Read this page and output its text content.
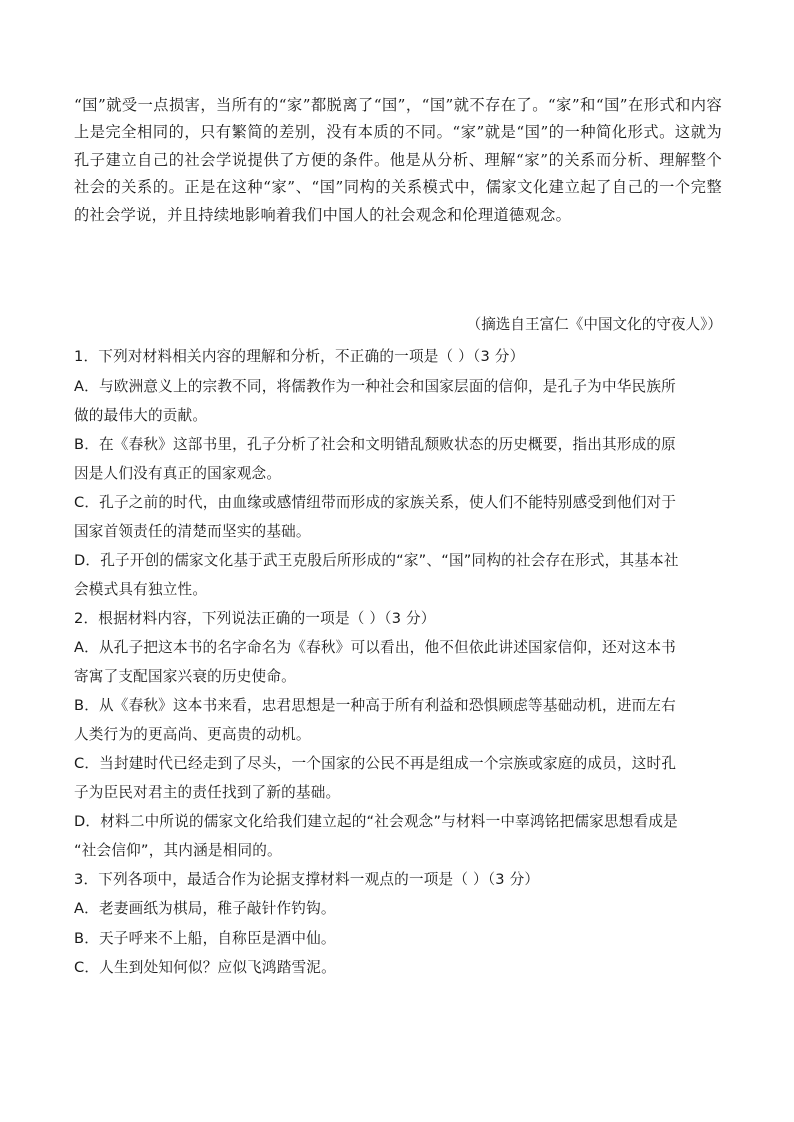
“国”就受一点损害，当所有的“家”都脱离了“国”，“国”就不存在了。“家”和“国”在形式和内容上是完全相同的，只有繁简的差别，没有本质的不同。“家”就是“国”的一种简化形式。这就为孔子建立自己的社会学说提供了方便的条件。他是从分析、理解“家”的关系而分析、理解整个社会的关系的。正是在这种“家”、“国”同构的关系模式中，儒家文化建立起了自己的一个完整的社会学说，并且持续地影响着我们中国人的社会观念和伦理道德观念。
（摘选自王富仁《中国文化的守夜人》）
1．下列对材料相关内容的理解和分析，不正确的一项是（ ）（3 分）
A．与欧洲意义上的宗教不同，将儒教作为一种社会和国家层面的信仰，是孔子为中华民族所
做的最伟大的贡献。
B．在《春秋》这部书里，孔子分析了社会和文明错乱颓败状态的历史概要，指出其形成的原
因是人们没有真正的国家观念。
C．孔子之前的时代，由血缘或感情纽带而形成的家族关系，使人们不能特别感受到他们对于
国家首领责任的清楚而坚实的基础。
D．孔子开创的儒家文化基于武王克殷后所形成的“家”、“国”同构的社会存在形式，其基本社
会模式具有独立性。
2．根据材料内容，下列说法正确的一项是（ ）（3 分）
A．从孔子把这本书的名字命名为《春秋》可以看出，他不但依此讲述国家信仰，还对这本书
寄寓了支配国家兴衰的历史使命。
B．从《春秋》这本书来看，忠君思想是一种高于所有利益和恐惧顾虑等基础动机，进而左右
人类行为的更高尚、更高贵的动机。
C．当封建时代已经走到了尽头，一个国家的公民不再是组成一个宗族或家庭的成员，这时孔
子为臣民对君主的责任找到了新的基础。
D．材料二中所说的儒家文化给我们建立起的“社会观念”与材料一中辜鸿铭把儒家思想看成是
“社会信仰”，其内涵是相同的。
3．下列各项中，最适合作为论据支撑材料一观点的一项是（ ）（3 分）
A．老妻画纸为棋局，稚子敲针作钓钩。
B．天子呼来不上船，自称臣是酒中仙。
C．人生到处知何似？应似飞鸿踏雪泥。
